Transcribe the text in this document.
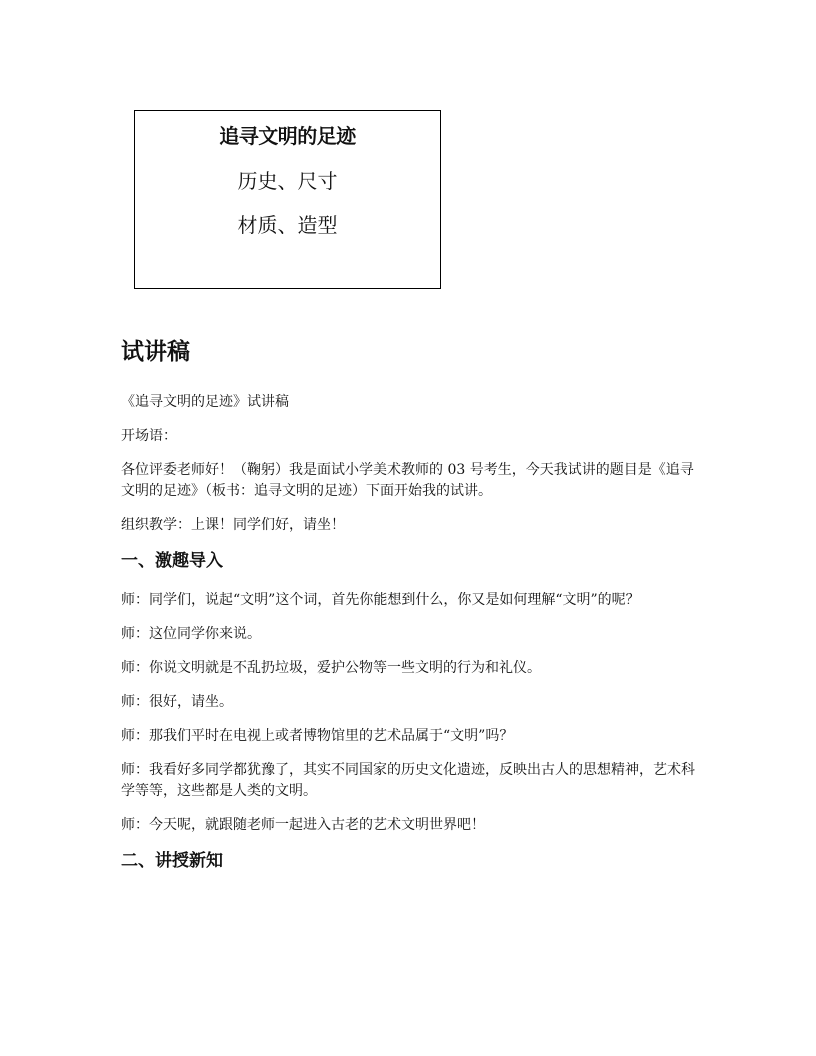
追寻文明的足迹
历史、尺寸
材质、造型
试讲稿

《追寻文明的足迹》试讲稿

开场语：

各位评委老师好！（鞠躬）我是面试小学美术教师的 03 号考生，今天我试讲的题目是《追寻文明的足迹》（板书：追寻文明的足迹）下面开始我的试讲。

组织教学：上课！同学们好，请坐！

一、激趣导入

师：同学们，说起“文明”这个词，首先你能想到什么，你又是如何理解“文明”的呢？

师：这位同学你来说。

师：你说文明就是不乱扔垃圾，爱护公物等一些文明的行为和礼仪。

师：很好，请坐。

师：那我们平时在电视上或者博物馆里的艺术品属于“文明”吗？

师：我看好多同学都犹豫了，其实不同国家的历史文化遗迹，反映出古人的思想精神，艺术科学等等，这些都是人类的文明。

师：今天呢，就跟随老师一起进入古老的艺术文明世界吧！

二、讲授新知
